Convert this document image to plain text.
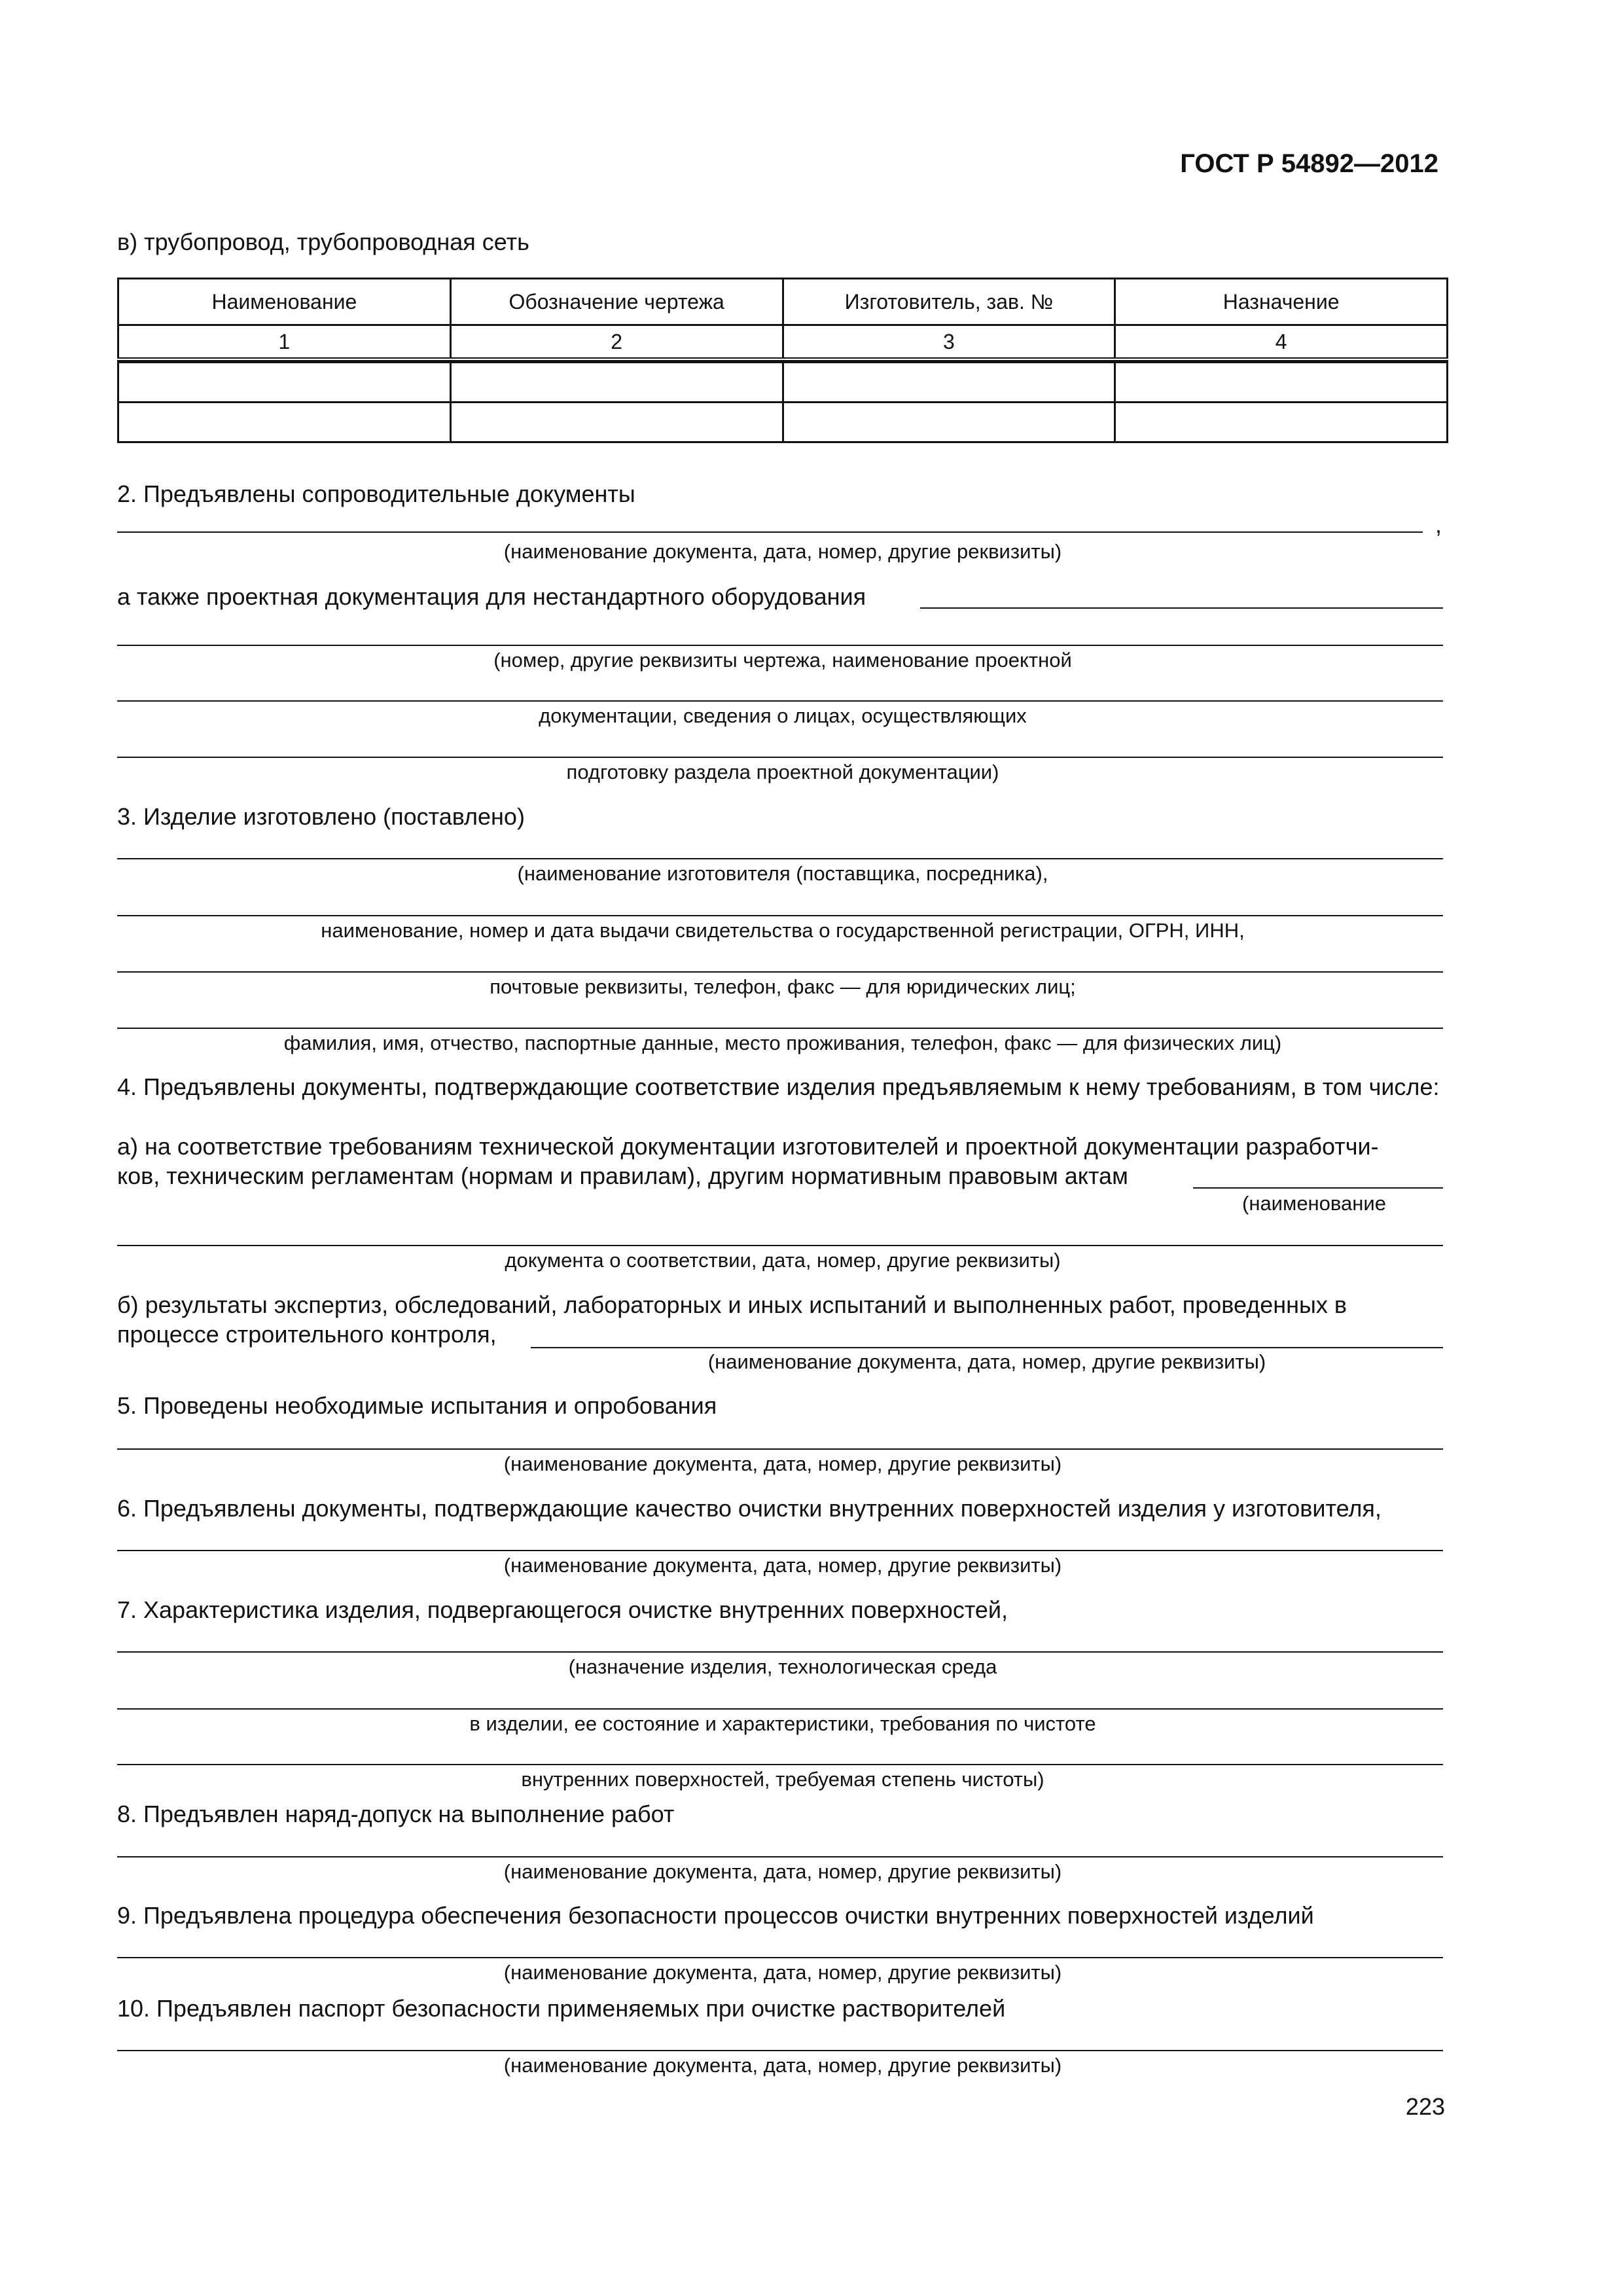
ГОСТ Р 54892—2012
в) трубопровод, трубопроводная сеть
Наименование	Обозначение чертежа	Изготовитель, зав. №	Назначение
1	2	3	4

2. Предъявлены сопроводительные документы
,
(наименование документа, дата, номер, другие реквизиты)
а также проектная документация для нестандартного оборудования
(номер, другие реквизиты чертежа, наименование проектной
документации, сведения о лицах, осуществляющих
подготовку раздела проектной документации)
3. Изделие изготовлено (поставлено)
(наименование изготовителя (поставщика, посредника),
наименование, номер и дата выдачи свидетельства о государственной регистрации, ОГРН, ИНН,
почтовые реквизиты, телефон, факс — для юридических лиц;
фамилия, имя, отчество, паспортные данные, место проживания, телефон, факс — для физических лиц)
4. Предъявлены документы, подтверждающие соответствие изделия предъявляемым к нему требованиям, в том числе:
а) на соответствие требованиям технической документации изготовителей и проектной документации разработчи-
ков, техническим регламентам (нормам и правилам), другим нормативным правовым актам
(наименование
документа о соответствии, дата, номер, другие реквизиты)
б) результаты экспертиз, обследований, лабораторных и иных испытаний и выполненных работ, проведенных в
процессе строительного контроля,
(наименование документа, дата, номер, другие реквизиты)
5. Проведены необходимые испытания и опробования
(наименование документа, дата, номер, другие реквизиты)
6. Предъявлены документы, подтверждающие качество очистки внутренних поверхностей изделия у изготовителя,
(наименование документа, дата, номер, другие реквизиты)
7. Характеристика изделия, подвергающегося очистке внутренних поверхностей,
(назначение изделия, технологическая среда
в изделии, ее состояние и характеристики, требования по чистоте
внутренних поверхностей, требуемая степень чистоты)
8. Предъявлен наряд-допуск на выполнение работ
(наименование документа, дата, номер, другие реквизиты)
9. Предъявлена процедура обеспечения безопасности процессов очистки внутренних поверхностей изделий
(наименование документа, дата, номер, другие реквизиты)
10. Предъявлен паспорт безопасности применяемых при очистке растворителей
(наименование документа, дата, номер, другие реквизиты)
223
